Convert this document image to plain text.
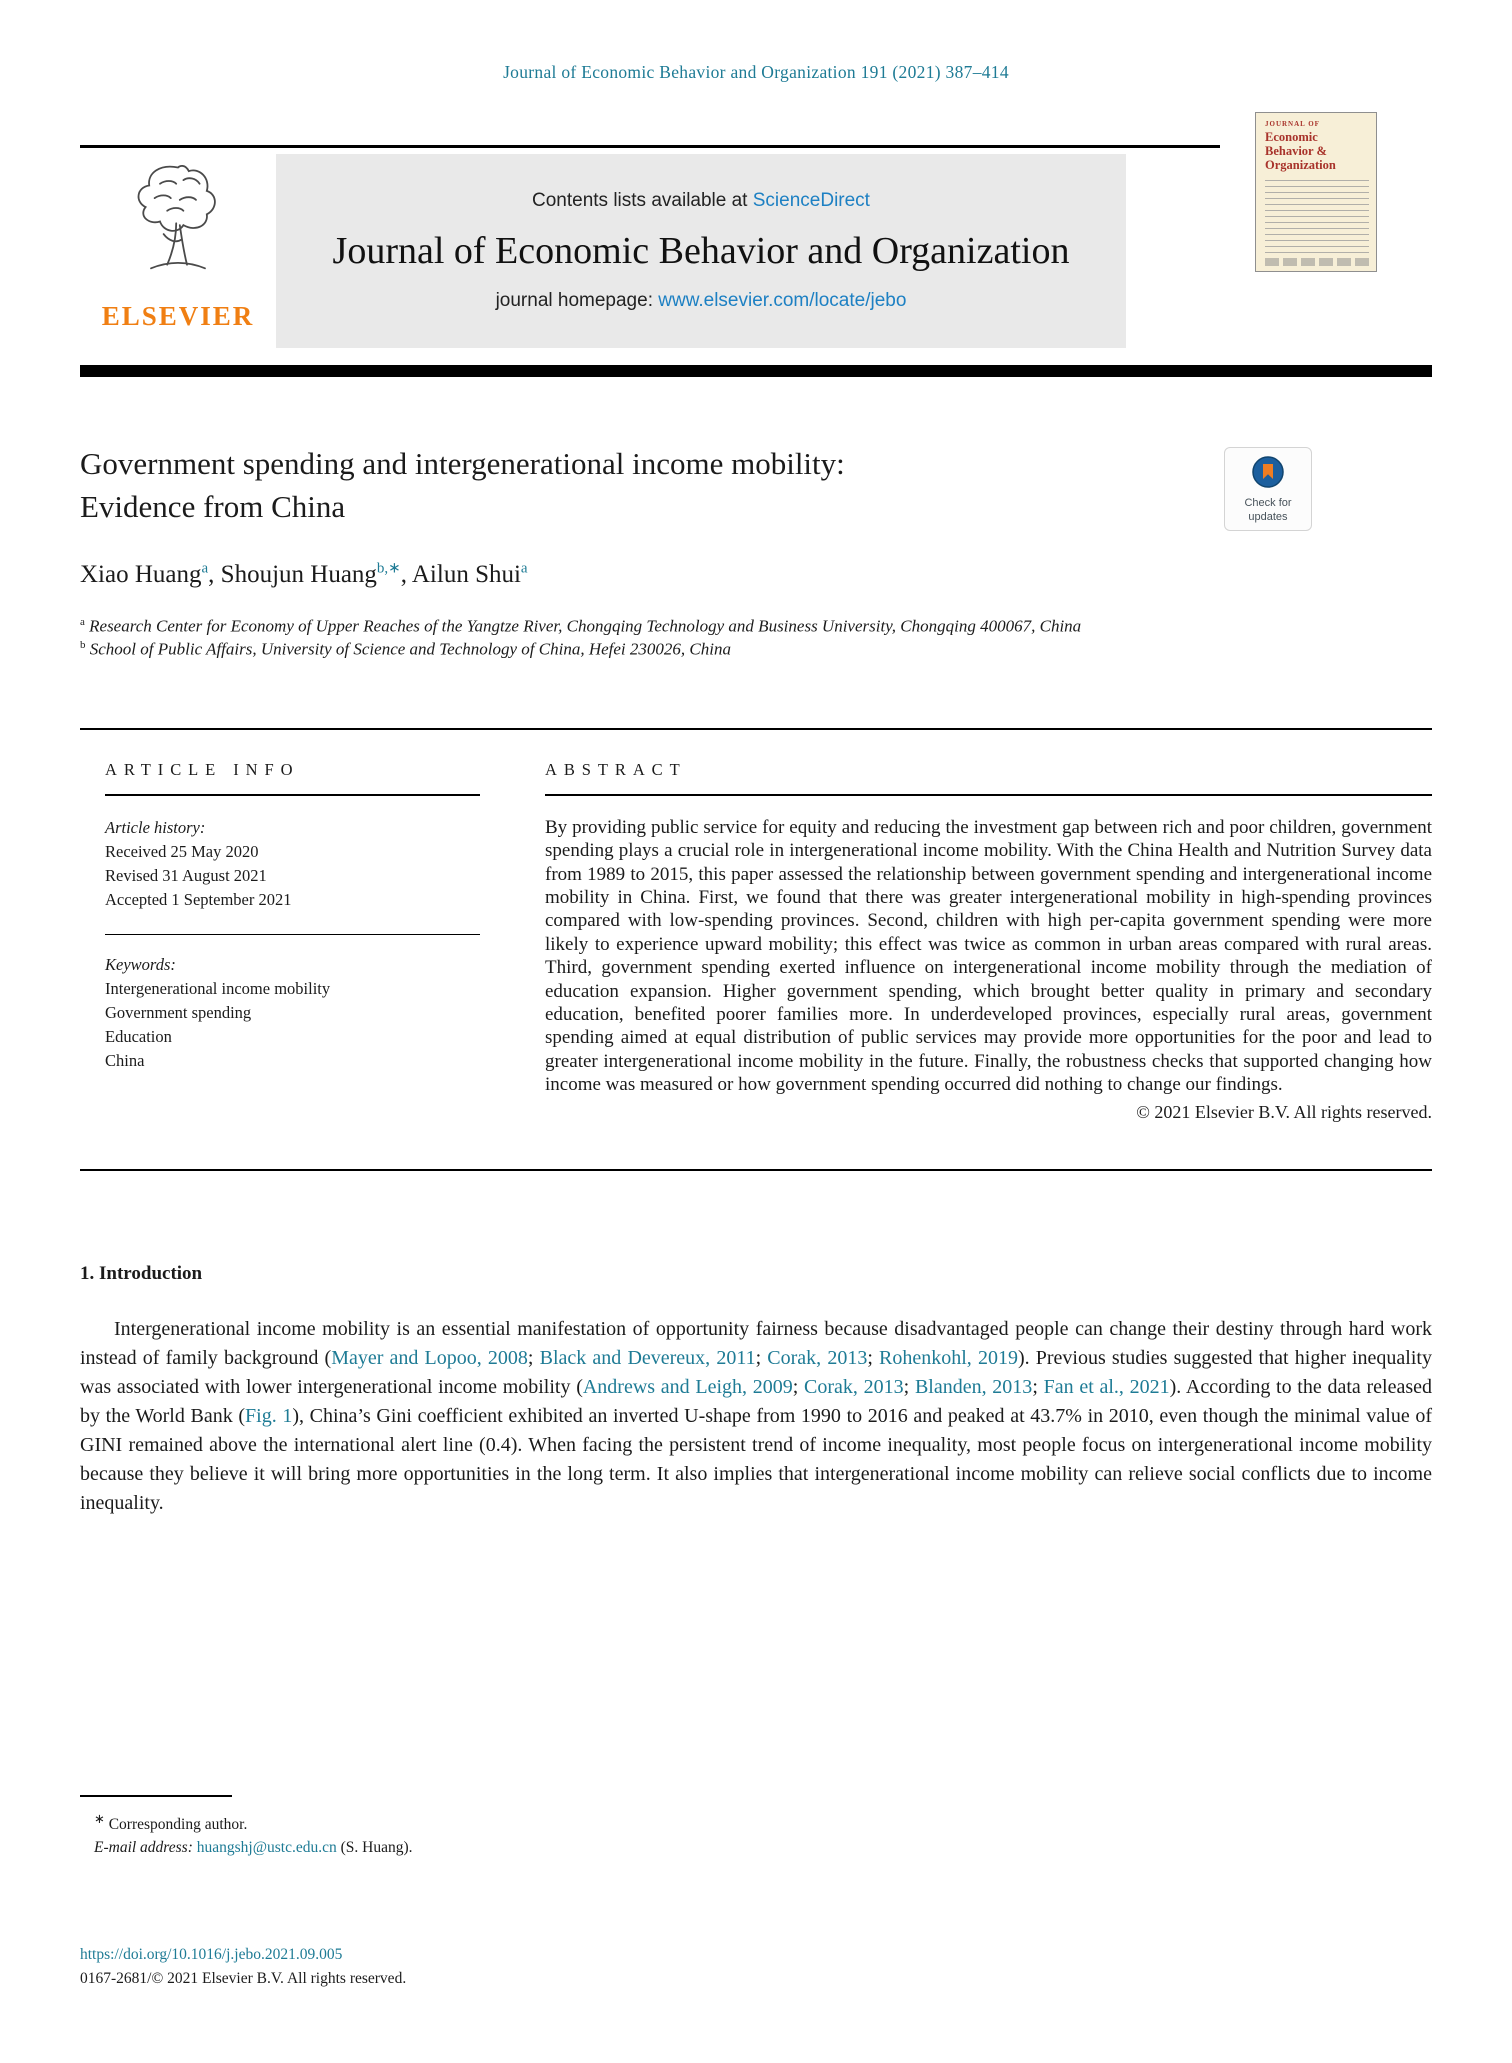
Journal of Economic Behavior and Organization 191 (2021) 387–414
ELSEVIER
Contents lists available at ScienceDirect
Journal of Economic Behavior and Organization
journal homepage: www.elsevier.com/locate/jebo
JOURNAL OF
Economic
Behavior &
Organization
Government spending and intergenerational income mobility:
Evidence from China	Check for
updates
Xiao Huang$^a$, Shoujun Huang$^{b,∗}$, Ailun Shui$^a$
$^a$ Research Center for Economy of Upper Reaches of the Yangtze River, Chongqing Technology and Business University, Chongqing 400067, China
$^b$ School of Public Affairs, University of Science and Technology of China, Hefei 230026, China
ARTICLE INFO
Article history:
Received 25 May 2020
Revised 31 August 2021
Accepted 1 September 2021
Keywords:
Intergenerational income mobility
Government spending
Education
China
ABSTRACT

By providing public service for equity and reducing the investment gap between rich and poor children, government spending plays a crucial role in intergenerational income mobility. With the China Health and Nutrition Survey data from 1989 to 2015, this paper assessed the relationship between government spending and intergenerational income mobility in China. First, we found that there was greater intergenerational mobility in high-spending provinces compared with low-spending provinces. Second, children with high per-capita government spending were more likely to experience upward mobility; this effect was twice as common in urban areas compared with rural areas. Third, government spending exerted influence on intergenerational income mobility through the mediation of education expansion. Higher government spending, which brought better quality in primary and secondary education, benefited poorer families more. In underdeveloped provinces, especially rural areas, government spending aimed at equal distribution of public services may provide more opportunities for the poor and lead to greater intergenerational income mobility in the future. Finally, the robustness checks that supported changing how income was measured or how government spending occurred did nothing to change our findings.

© 2021 Elsevier B.V. All rights reserved.
1. Introduction

Intergenerational income mobility is an essential manifestation of opportunity fairness because disadvantaged people can change their destiny through hard work instead of family background (Mayer and Lopoo, 2008; Black and Devereux, 2011; Corak, 2013; Rohenkohl, 2019). Previous studies suggested that higher inequality was associated with lower intergenerational income mobility (Andrews and Leigh, 2009; Corak, 2013; Blanden, 2013; Fan et al., 2021). According to the data released by the World Bank (Fig. 1), China’s Gini coefficient exhibited an inverted U-shape from 1990 to 2016 and peaked at 43.7% in 2010, even though the minimal value of GINI remained above the international alert line (0.4). When facing the persistent trend of income inequality, most people focus on intergenerational income mobility because they believe it will bring more opportunities in the long term. It also implies that intergenerational income mobility can relieve social conflicts due to income inequality.

∗ Corresponding author.
E-mail address: huangshj@ustc.edu.cn (S. Huang).
https://doi.org/10.1016/j.jebo.2021.09.005
0167-2681/© 2021 Elsevier B.V. All rights reserved.
